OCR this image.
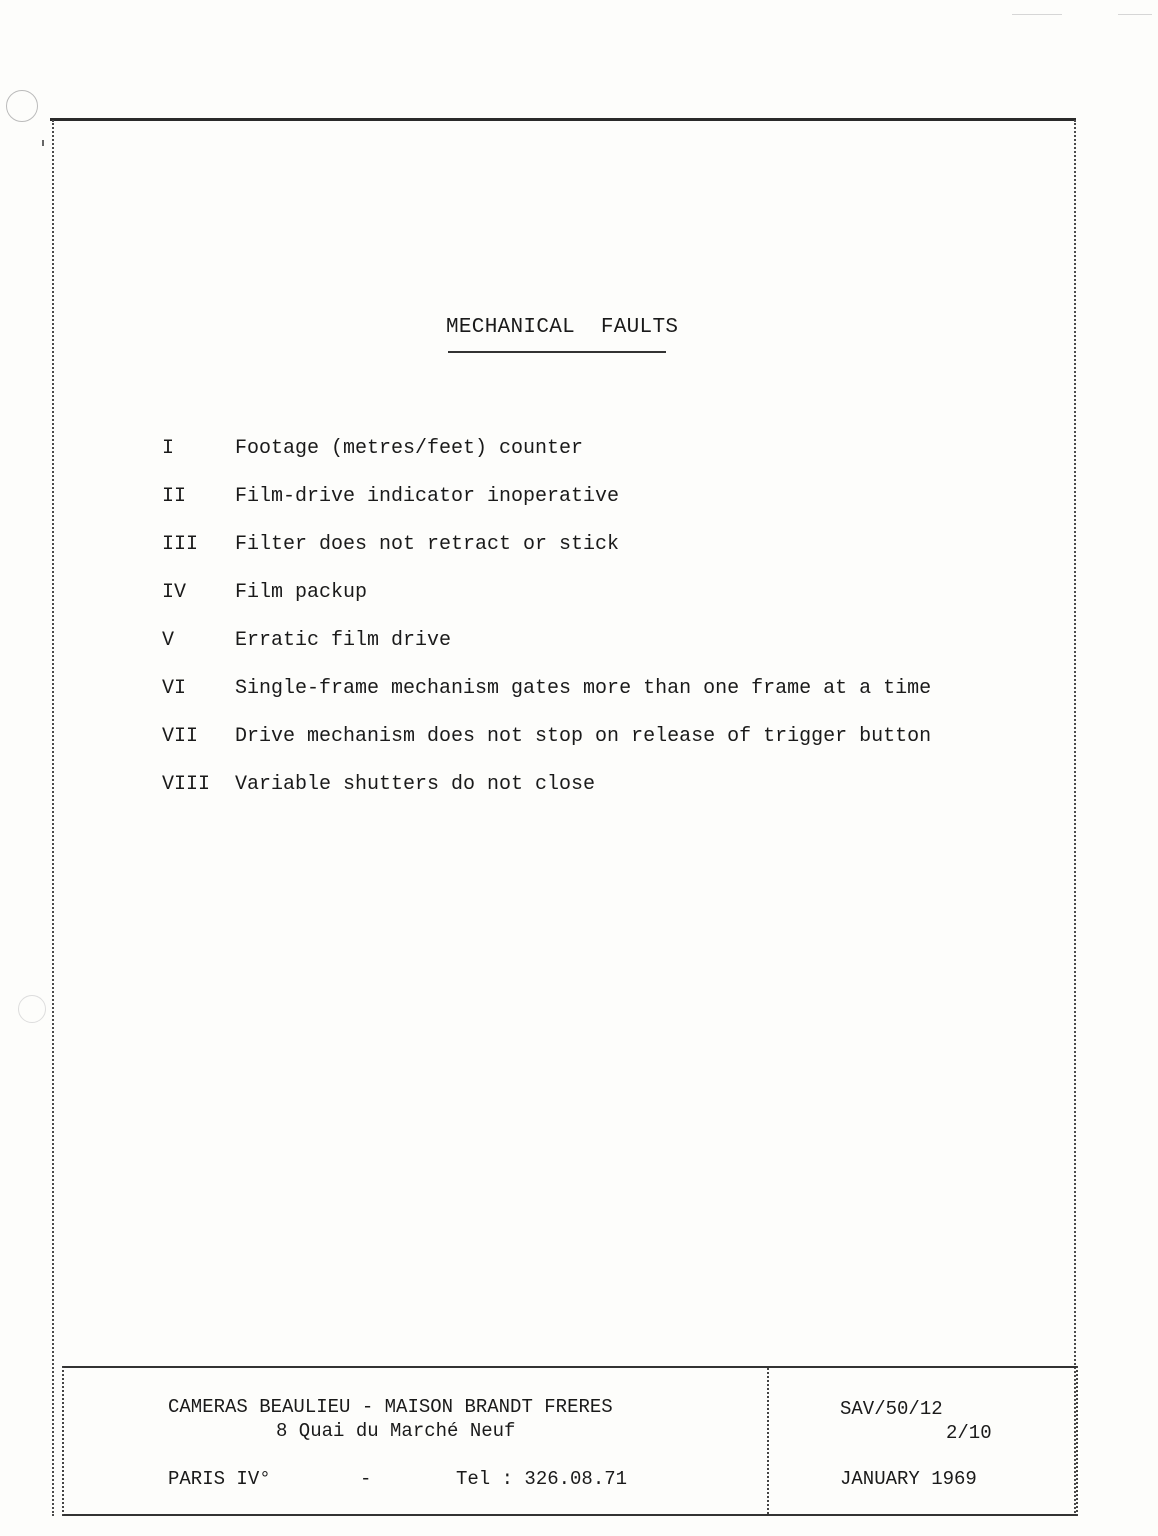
MECHANICAL FAULTS
I	Footage (metres/feet) counter
II	Film-drive indicator inoperative
III	Filter does not retract or stick
IV	Film packup
V	Erratic film drive
VI	Single-frame mechanism gates more than one frame at a time
VII	Drive mechanism does not stop on release of trigger button
VIII	Variable shutters do not close
CAMERAS BEAULIEU - MAISON BRANDT FRERES
8 Quai du Marché Neuf
PARIS IV°	-	Tel : 326.08.71
SAV/50/12
2/10
JANUARY 1969
